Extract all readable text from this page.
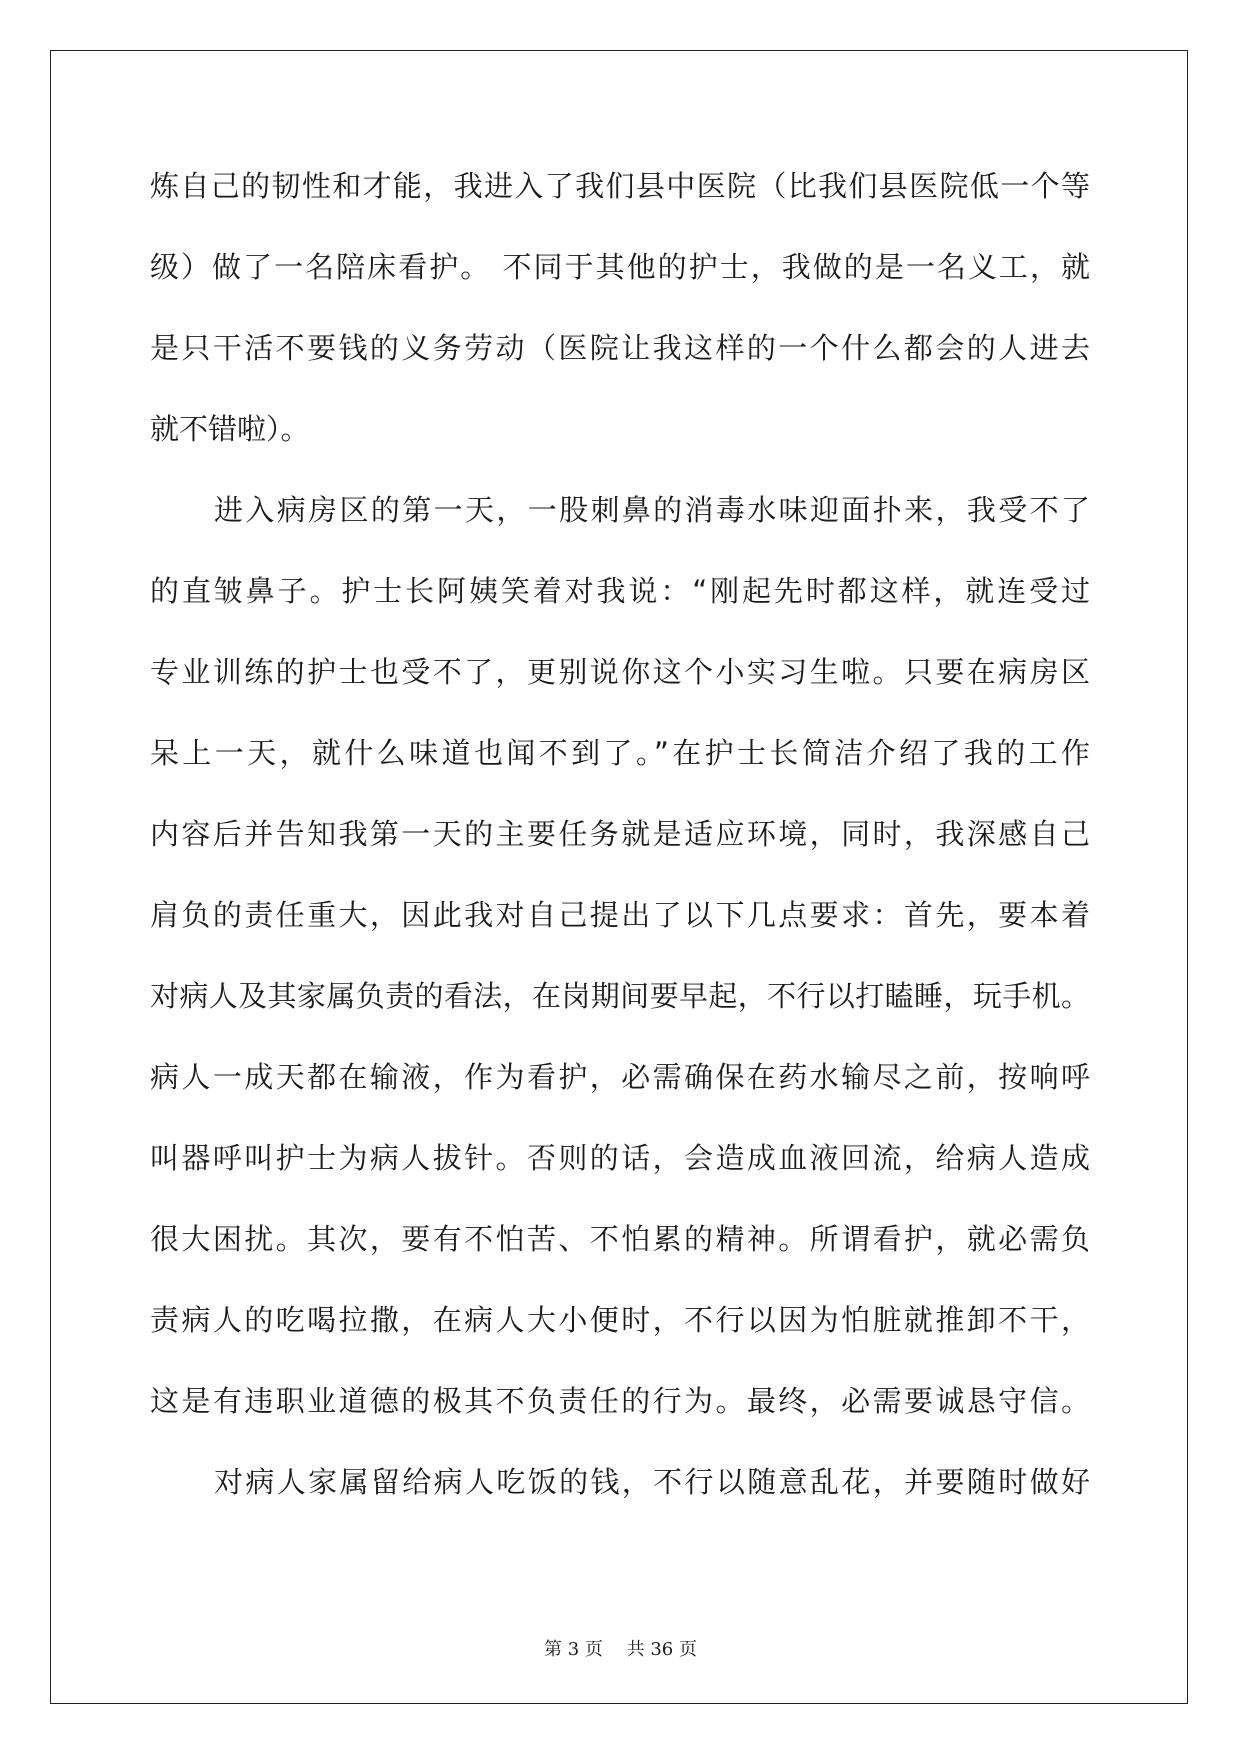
炼自己的韧性和才能，我进入了我们县中医院（比我们县医院低一个等
级）做了一名陪床看护。 不同于其他的护士，我做的是一名义工，就
是只干活不要钱的义务劳动（医院让我这样的一个什么都会的人进去
就不错啦）。
进入病房区的第一天，一股刺鼻的消毒水味迎面扑来，我受不了
的直皱鼻子。护士长阿姨笑着对我说：“刚起先时都这样，就连受过
专业训练的护士也受不了，更别说你这个小实习生啦。只要在病房区
呆上一天，就什么味道也闻不到了。”在护士长简洁介绍了我的工作
内容后并告知我第一天的主要任务就是适应环境，同时，我深感自己
肩负的责任重大，因此我对自己提出了以下几点要求：首先，要本着
对病人及其家属负责的看法，在岗期间要早起，不行以打瞌睡，玩手机。
病人一成天都在输液，作为看护，必需确保在药水输尽之前，按响呼
叫器呼叫护士为病人拔针。否则的话，会造成血液回流，给病人造成
很大困扰。其次，要有不怕苦、不怕累的精神。所谓看护，就必需负
责病人的吃喝拉撒，在病人大小便时，不行以因为怕脏就推卸不干，
这是有违职业道德的极其不负责任的行为。最终，必需要诚恳守信。
对病人家属留给病人吃饭的钱，不行以随意乱花，并要随时做好
第 3 页　 共 36 页
